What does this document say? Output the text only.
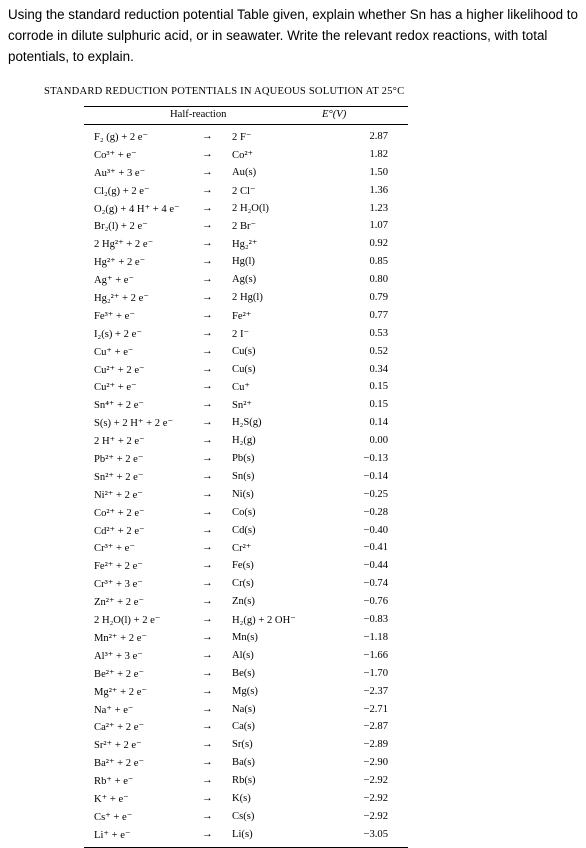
Using the standard reduction potential Table given, explain whether Sn has a higher likelihood to corrode in dilute sulphuric acid, or in seawater. Write the relevant redox reactions, with total potentials, to explain.
STANDARD REDUCTION POTENTIALS IN AQUEOUS SOLUTION AT 25°C
Half-reaction	E°(V)
F₂ (g) + 2 e⁻	→ 2 F⁻	2.87
Co³⁺ + e⁻	→ Co²⁺	1.82
Au³⁺ + 3 e⁻	→ Au(s)	1.50
Cl₂(g) + 2 e⁻	→ 2 Cl⁻	1.36
O₂(g) + 4 H⁺ + 4 e⁻ → 2 H₂O(l)	1.23
Br₂(l) + 2 e⁻	→ 2 Br⁻	1.07
2 Hg²⁺ + 2 e⁻	→ Hg₂²⁺	0.92
Hg²⁺ + 2 e⁻	→ Hg(l)	0.85
Ag⁺ + e⁻	→ Ag(s)	0.80
Hg₂²⁺ + 2 e⁻	→ 2 Hg(l)	0.79
Fe³⁺ + e⁻	→ Fe²⁺	0.77
I₂(s) + 2 e⁻	→ 2 I⁻	0.53
Cu⁺ + e⁻	→ Cu(s)	0.52
Cu²⁺ + 2 e⁻	→ Cu(s)	0.34
Cu²⁺ + e⁻	→ Cu⁺	0.15
Sn⁴⁺ + 2 e⁻	→ Sn²⁺	0.15
S(s) + 2 H⁺ + 2 e⁻	→ H₂S(g)	0.14
2 H⁺ + 2 e⁻	→ H₂(g)	0.00
Pb²⁺ + 2 e⁻	→ Pb(s)	−0.13
Sn²⁺ + 2 e⁻	→ Sn(s)	−0.14
Ni²⁺ + 2 e⁻	→ Ni(s)	−0.25
Co²⁺ + 2 e⁻	→ Co(s)	−0.28
Cd²⁺ + 2 e⁻	→ Cd(s)	−0.40
Cr³⁺ + e⁻	→ Cr²⁺	−0.41
Fe²⁺ + 2 e⁻	→ Fe(s)	−0.44
Cr³⁺ + 3 e⁻	→ Cr(s)	−0.74
Zn²⁺ + 2 e⁻	→ Zn(s)	−0.76
2 H₂O(l) + 2 e⁻	→ H₂(g) + 2 OH⁻	−0.83
Mn²⁺ + 2 e⁻	→ Mn(s)	−1.18
Al³⁺ + 3 e⁻	→ Al(s)	−1.66
Be²⁺ + 2 e⁻	→ Be(s)	−1.70
Mg²⁺ + 2 e⁻	→ Mg(s)	−2.37
Na⁺ + e⁻	→ Na(s)	−2.71
Ca²⁺ + 2 e⁻	→ Ca(s)	−2.87
Sr²⁺ + 2 e⁻	→ Sr(s)	−2.89
Ba²⁺ + 2 e⁻	→ Ba(s)	−2.90
Rb⁺ + e⁻	→ Rb(s)	−2.92
K⁺ + e⁻	→ K(s)	−2.92
Cs⁺ + e⁻	→ Cs(s)	−2.92
Li⁺ + e⁻	→ Li(s)	−3.05
